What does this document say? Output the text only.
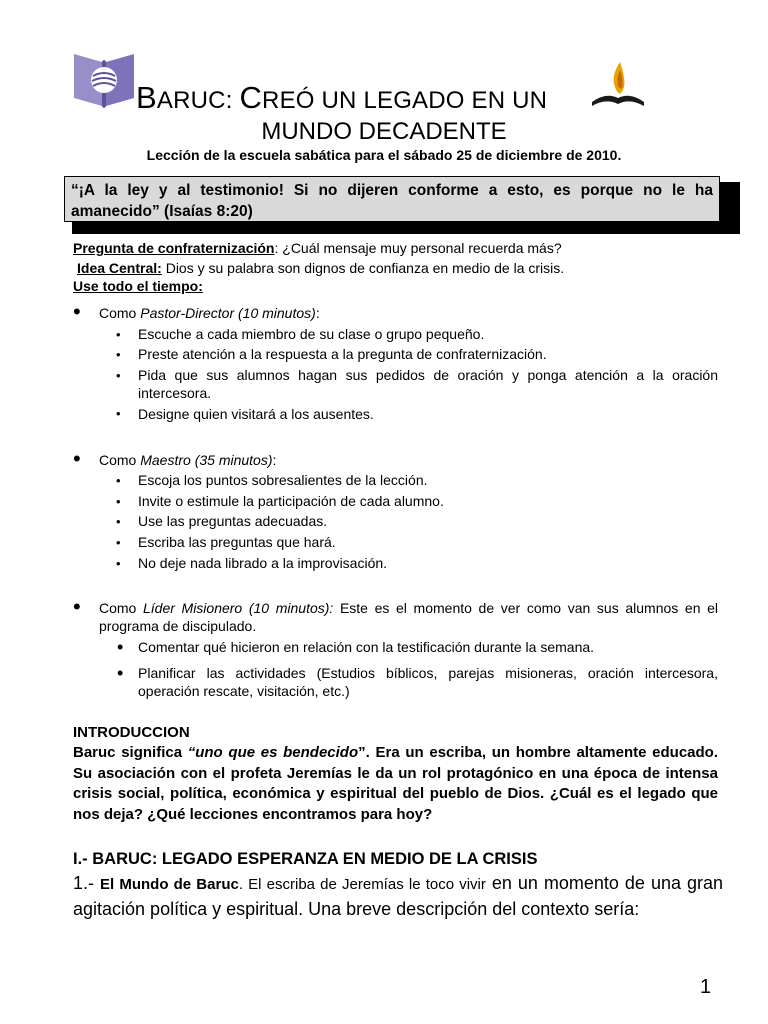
BARUC: CREÓ UN LEGADO EN UN
MUNDO DECADENTE
Lección de la escuela sabática para el sábado 25 de diciembre de 2010.
“¡A la ley y al testimonio! Si no dijeren conforme a esto, es porque no le ha amanecido” (Isaías 8:20)
Pregunta de confraternización: ¿Cuál mensaje muy personal recuerda más?
Idea Central: Dios y su palabra son dignos de confianza en medio de la crisis.
Use todo el tiempo:
• Como Pastor-Director (10 minutos):
• Escuche a cada miembro de su clase o grupo pequeño.
• Preste atención a la respuesta a la pregunta de confraternización.
• Pida que sus alumnos hagan sus pedidos de oración y ponga atención a la oración intercesora.
• Designe quien visitará a los ausentes.
• Como Maestro (35 minutos):
• Escoja los puntos sobresalientes de la lección.
• Invite o estimule la participación de cada alumno.
• Use las preguntas adecuadas.
• Escriba las preguntas que hará.
• No deje nada librado a la improvisación.
• Como Líder Misionero (10 minutos): Este es el momento de ver como van sus alumnos en el programa de discipulado.
• Comentar qué hicieron en relación con la testificación durante la semana.
• Planificar las actividades (Estudios bíblicos, parejas misioneras, oración intercesora, operación rescate, visitación, etc.)
INTRODUCCION
Baruc significa “uno que es bendecido”. Era un escriba, un hombre altamente educado. Su asociación con el profeta Jeremías le da un rol protagónico en una época de intensa crisis social, política, económica y espiritual del pueblo de Dios. ¿Cuál es el legado que nos deja? ¿Qué lecciones encontramos para hoy?
I.- BARUC: LEGADO ESPERANZA EN MEDIO DE LA CRISIS
1.- El Mundo de Baruc. El escriba de Jeremías le toco vivir en un momento de una gran agitación política y espiritual. Una breve descripción del contexto sería:
1
